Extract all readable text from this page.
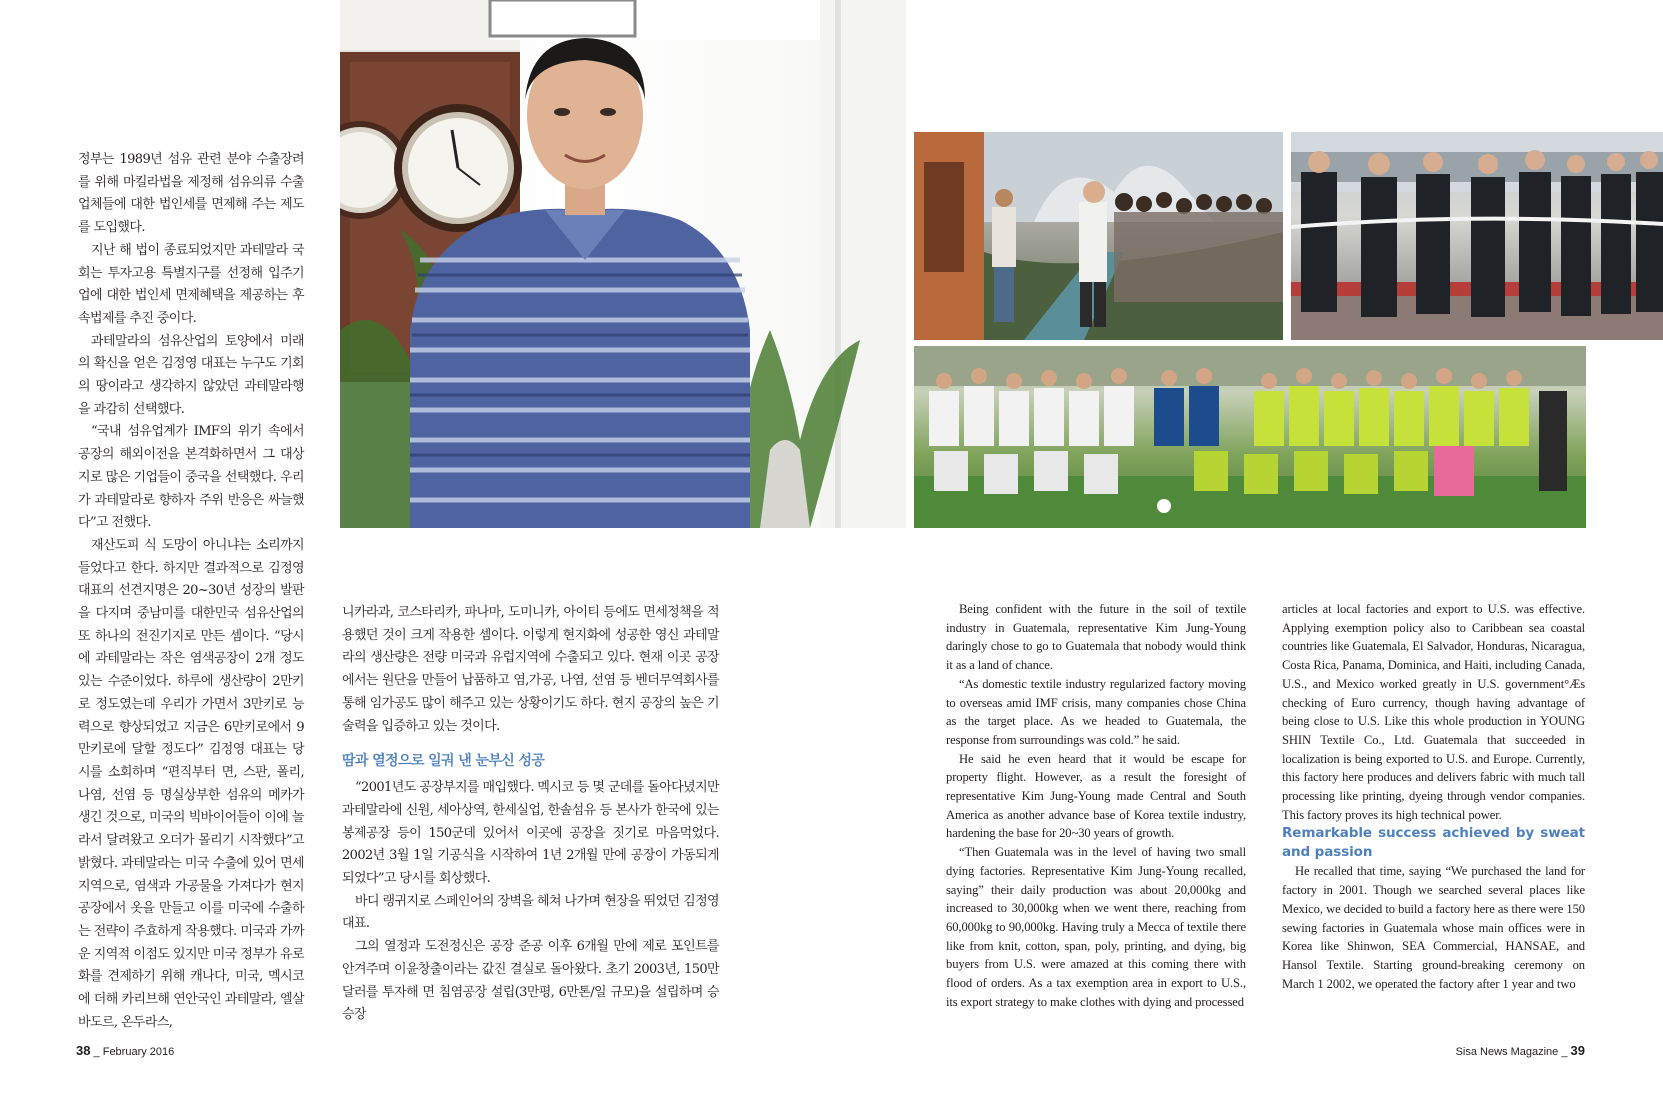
정부는 1989년 섬유 관련 분야 수출장려를 위해 마킬라법을 제정해 섬유의류 수출업체들에 대한 법인세를 면제해 주는 제도를 도입했다.

지난 해 법이 종료되었지만 과테말라 국회는 투자고용 특별지구를 선정해 입주기업에 대한 법인세 면제혜택을 제공하는 후속법제를 추진 중이다.

과테말라의 섬유산업의 토양에서 미래의 확신을 얻은 김정영 대표는 누구도 기회의 땅이라고 생각하지 않았던 과테말라행을 과감히 선택했다.

“국내 섬유업계가 IMF의 위기 속에서 공장의 해외이전을 본격화하면서 그 대상지로 많은 기업들이 중국을 선택했다. 우리가 과테말라로 향하자 주위 반응은 싸늘했다”고 전했다.

재산도피 식 도망이 아니냐는 소리까지 들었다고 한다. 하지만 결과적으로 김정영 대표의 선견지명은 20~30년 성장의 발판을 다지며 중남미를 대한민국 섬유산업의 또 하나의 전진기지로 만든 셈이다. “당시에 과테말라는 작은 염색공장이 2개 정도 있는 수준이었다. 하루에 생산량이 2만키로 정도였는데 우리가 가면서 3만키로 능력으로 향상되었고 지금은 6만키로에서 9만키로에 달할 정도다” 김정영 대표는 당시를 소회하며 “편직부터 면, 스판, 폴리, 나염, 선염 등 명실상부한 섬유의 메카가 생긴 것으로, 미국의 빅바이어들이 이에 놀라서 달려왔고 오더가 몰리기 시작했다”고 밝혔다. 과테말라는 미국 수출에 있어 면세지역으로, 염색과 가공물을 가져다가 현지 공장에서 옷을 만들고 이를 미국에 수출하는 전략이 주효하게 작용했다. 미국과 가까운 지역적 이점도 있지만 미국 정부가 유로화를 견제하기 위해 캐나다, 미국, 멕시코에 더해 카리브해 연안국인 과테말라, 엘살바도르, 온두라스,

니카라과, 코스타리카, 파나마, 도미니카, 아이티 등에도 면세정책을 적용했던 것이 크게 작용한 셈이다. 이렇게 현지화에 성공한 영신 과테말라의 생산량은 전량 미국과 유럽지역에 수출되고 있다. 현재 이곳 공장에서는 원단을 만들어 납품하고 염,가공, 나염, 선염 등 벤더무역회사를 통해 임가공도 많이 해주고 있는 상황이기도 하다. 현지 공장의 높은 기술력을 입증하고 있는 것이다.

땀과 열정으로 일궈 낸 눈부신 성공

“2001년도 공장부지를 매입했다. 멕시코 등 몇 군데를 돌아다녔지만 과테말라에 신원, 세아상역, 한세실업, 한솔섬유 등 본사가 한국에 있는 봉제공장 등이 150군데 있어서 이곳에 공장을 짓기로 마음먹었다. 2002년 3월 1일 기공식을 시작하여 1년 2개월 만에 공장이 가동되게 되었다”고 당시를 회상했다.

바디 랭귀지로 스페인어의 장벽을 헤쳐 나가며 현장을 뛰었던 김정영 대표.

그의 열정과 도전정신은 공장 준공 이후 6개월 만에 제로 포인트를 안겨주며 이윤창출이라는 값진 결실로 돌아왔다. 초기 2003년, 150만 달러를 투자해 면 침염공장 설립(3만평, 6만톤/일 규모)을 설립하며 승승장

Being confident with the future in the soil of textile industry in Guatemala, representative Kim Jung-Young daringly chose to go to Guatemala that nobody would think it as a land of chance.

“As domestic textile industry regularized factory moving to overseas amid IMF crisis, many companies chose China as the target place. As we headed to Guatemala, the response from surroundings was cold.” he said.

He said he even heard that it would be escape for property flight. However, as a result the foresight of representative Kim Jung-Young made Central and South America as another advance base of Korea textile industry, hardening the base for 20~30 years of growth.

“Then Guatemala was in the level of having two small dying factories. Representative Kim Jung-Young recalled, saying” their daily production was about 20,000kg and increased to 30,000kg when we went there, reaching from 60,000kg to 90,000kg. Having truly a Mecca of textile there like from knit, cotton, span, poly, printing, and dying, big buyers from U.S. were amazed at this coming there with flood of orders. As a tax exemption area in export to U.S., its export strategy to make clothes with dying and processed

articles at local factories and export to U.S. was effective. Applying exemption policy also to Caribbean sea coastal countries like Guatemala, El Salvador, Honduras, Nicaragua, Costa Rica, Panama, Dominica, and Haiti, including Canada, U.S., and Mexico worked greatly in U.S. government°Æs checking of Euro currency, though having advantage of being close to U.S. Like this whole production in YOUNG SHIN Textile Co., Ltd. Guatemala that succeeded in localization is being exported to U.S. and Europe. Currently, this factory here produces and delivers fabric with much tall processing like printing, dyeing through vendor companies. This factory proves its high technical power.

Remarkable success achieved by sweat and passion

He recalled that time, saying “We purchased the land for factory in 2001. Though we searched several places like Mexico, we decided to build a factory here as there were 150 sewing factories in Guatemala whose main offices were in Korea like Shinwon, SEA Commercial, HANSAE, and Hansol Textile. Starting ground-breaking ceremony on March 1 2002, we operated the factory after 1 year and two

38 _ February 2016	Sisa News Magazine _ 39
